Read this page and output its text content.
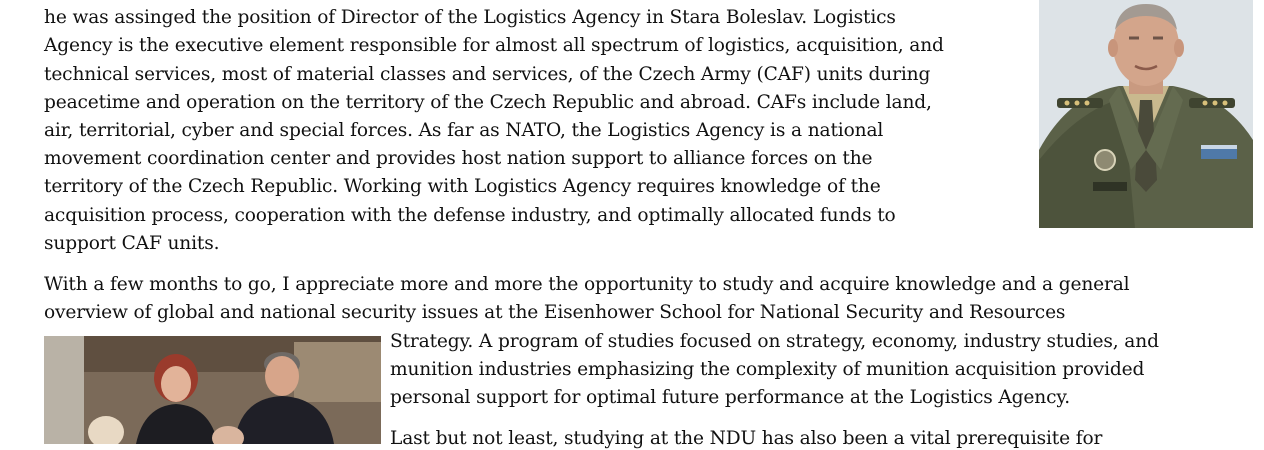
he was assinged the position of Director of the Logistics Agency in Stara Boleslav. Logistics
Agency is the executive element responsible for almost all spectrum of logistics, acquisition, and
technical services, most of material classes and services, of the Czech Army (CAF) units during
peacetime and operation on the territory of the Czech Republic and abroad. CAFs include land,
air, territorial, cyber and special forces. As far as NATO, the Logistics Agency is a national
movement coordination center and provides host nation support to alliance forces on the
territory of the Czech Republic. Working with Logistics Agency requires knowledge of the
acquisition process, cooperation with the defense industry, and optimally allocated funds to
support CAF units.
With a few months to go, I appreciate more and more the opportunity to study and acquire knowledge and a general
overview of global and national security issues at the Eisenhower School for National Security and Resources
Strategy. A program of studies focused on strategy, economy, industry studies, and
munition industries emphasizing the complexity of munition acquisition provided
personal support for optimal future performance at the Logistics Agency.
Last but not least, studying at the NDU has also been a vital prerequisite for
